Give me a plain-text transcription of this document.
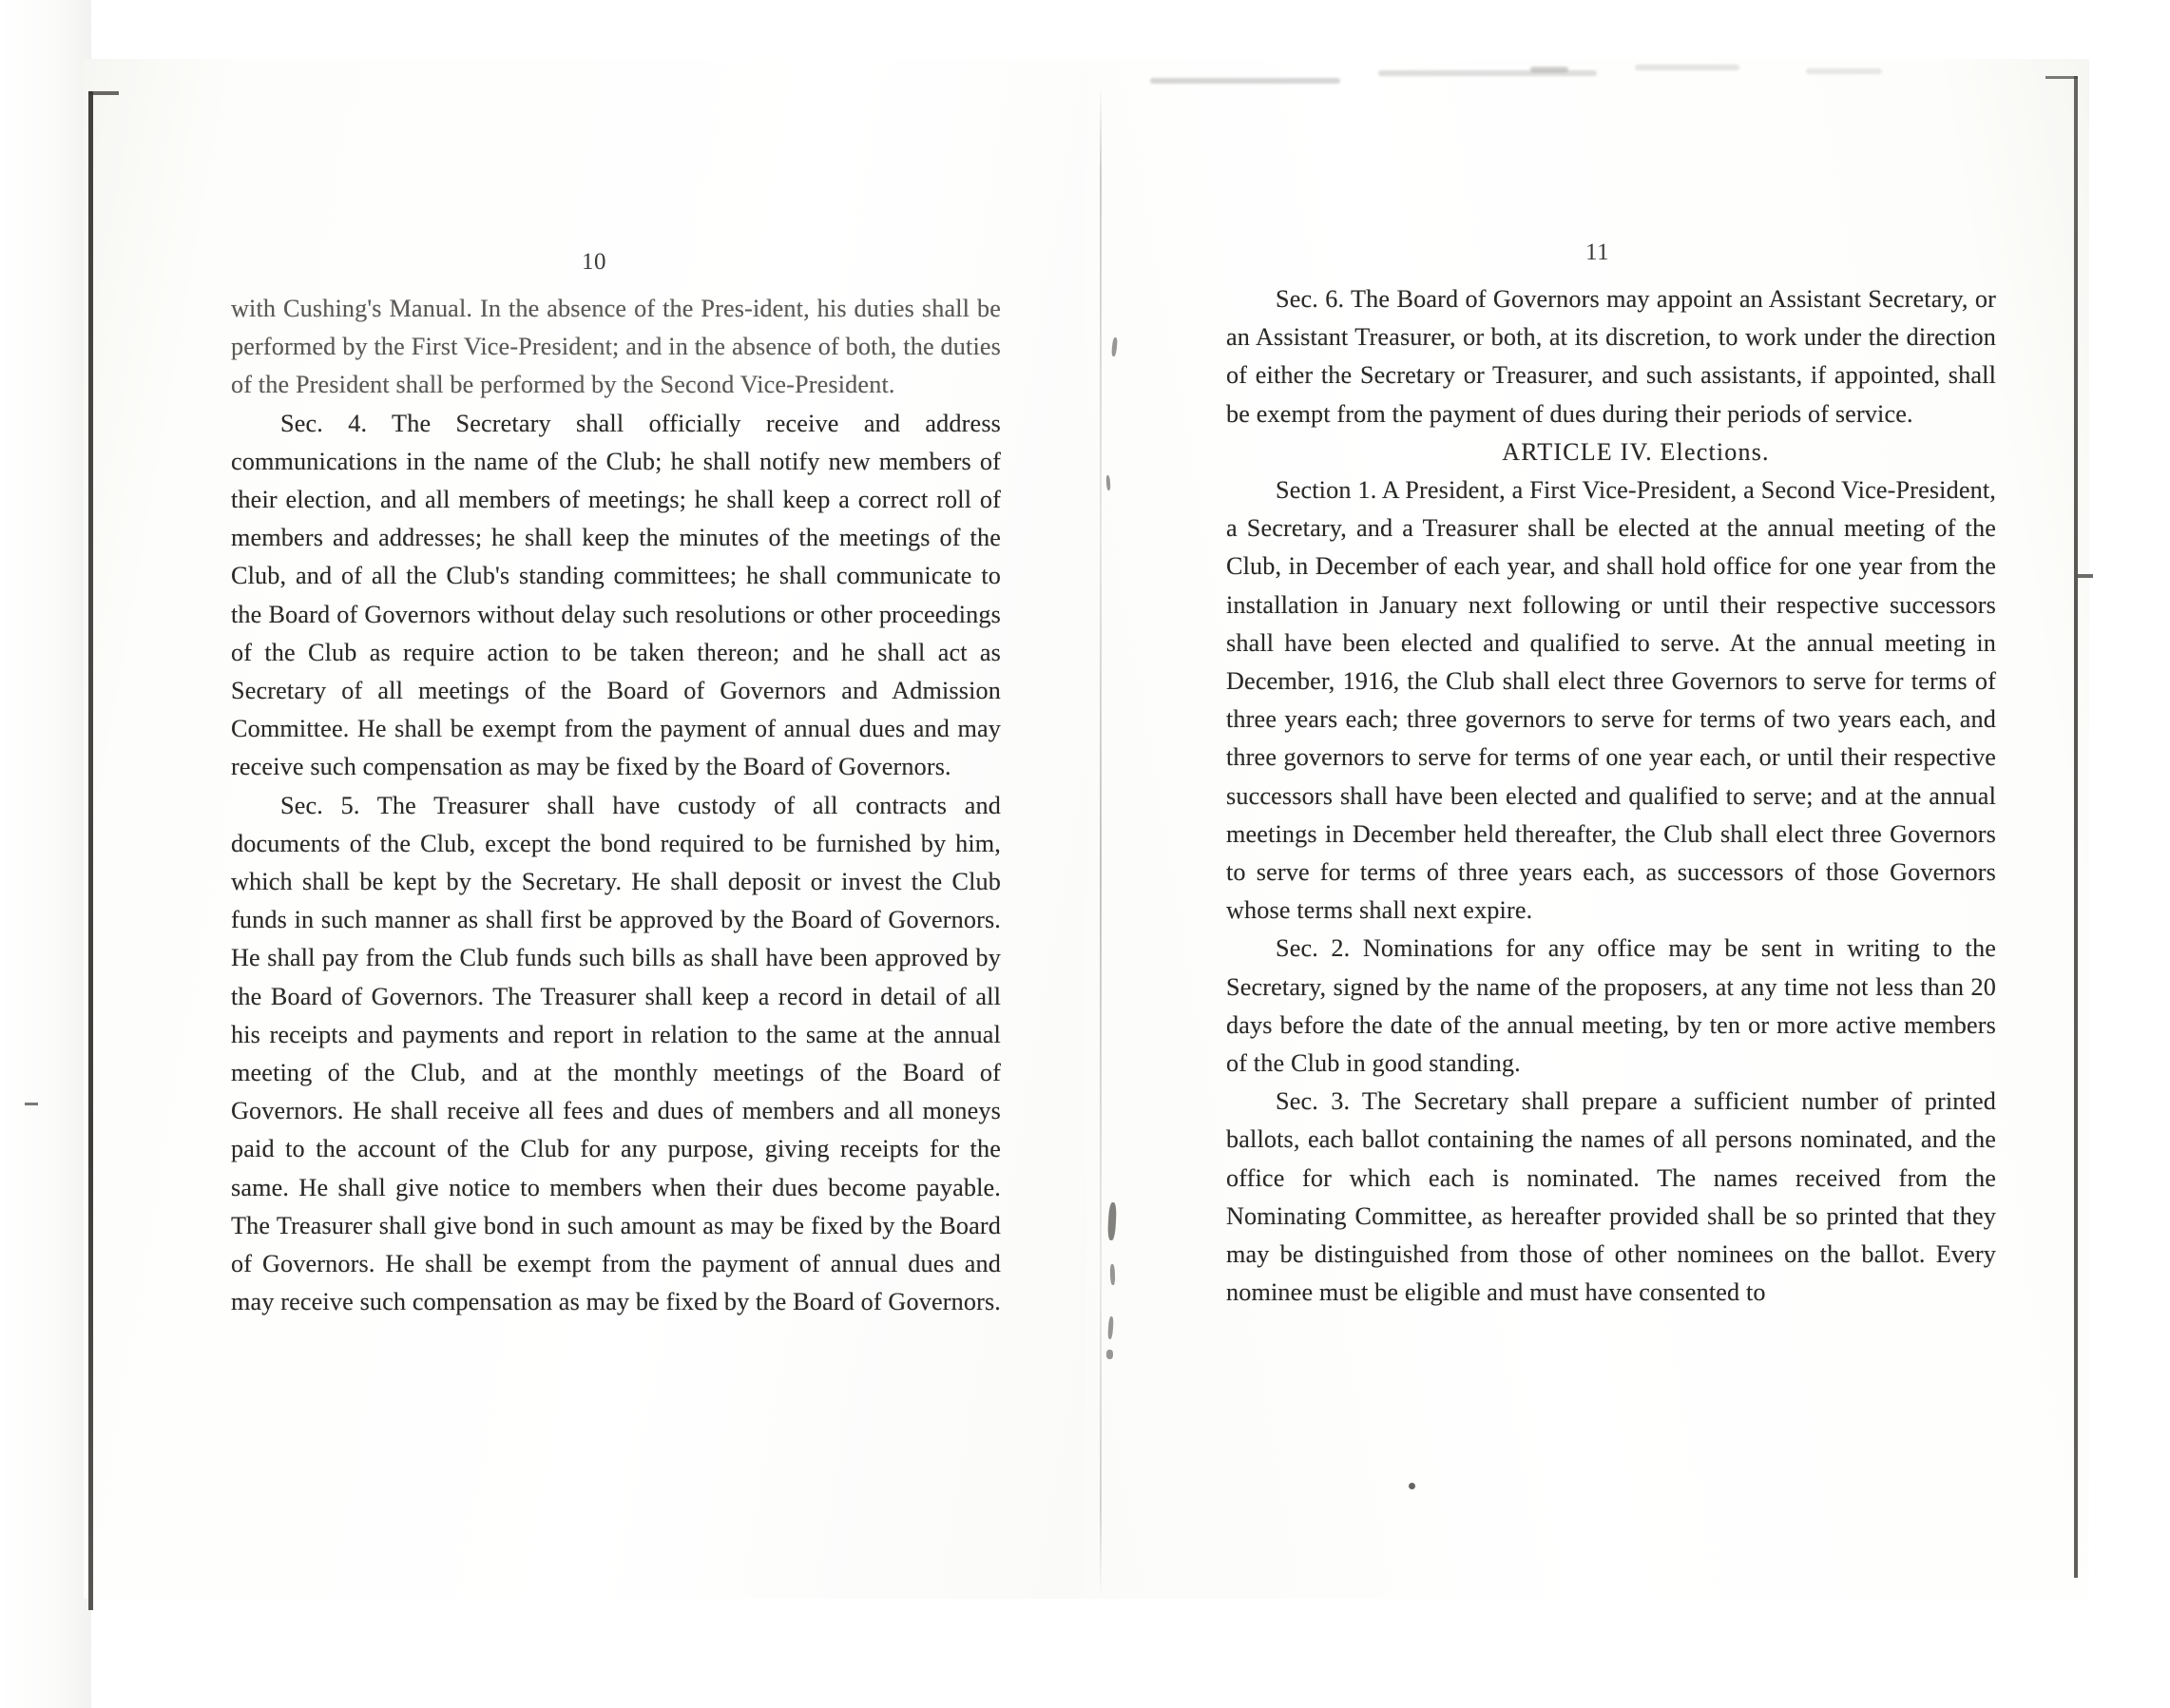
10

with Cushing's Manual. In the absence of the Pres-ident, his duties shall be performed by the First Vice-President; and in the absence of both, the duties of the President shall be performed by the Second Vice-President.

Sec. 4. The Secretary shall officially receive and address communications in the name of the Club; he shall notify new members of their election, and all members of meetings; he shall keep a correct roll of members and addresses; he shall keep the minutes of the meetings of the Club, and of all the Club's standing committees; he shall communicate to the Board of Governors without delay such resolutions or other proceedings of the Club as require action to be taken thereon; and he shall act as Secretary of all meetings of the Board of Governors and Admission Committee. He shall be exempt from the payment of annual dues and may receive such compensation as may be fixed by the Board of Governors.

Sec. 5. The Treasurer shall have custody of all contracts and documents of the Club, except the bond required to be furnished by him, which shall be kept by the Secretary. He shall deposit or invest the Club funds in such manner as shall first be approved by the Board of Governors. He shall pay from the Club funds such bills as shall have been approved by the Board of Governors. The Treasurer shall keep a record in detail of all his receipts and payments and report in relation to the same at the annual meeting of the Club, and at the monthly meetings of the Board of Governors. He shall receive all fees and dues of members and all moneys paid to the account of the Club for any purpose, giving receipts for the same. He shall give notice to members when their dues become payable. The Treasurer shall give bond in such amount as may be fixed by the Board of Governors. He shall be exempt from the payment of annual dues and may receive such compensation as may be fixed by the Board of Governors.

11

Sec. 6. The Board of Governors may appoint an Assistant Secretary, or an Assistant Treasurer, or both, at its discretion, to work under the direction of either the Secretary or Treasurer, and such assistants, if appointed, shall be exempt from the payment of dues during their periods of service.

ARTICLE IV. Elections.

Section 1. A President, a First Vice-President, a Second Vice-President, a Secretary, and a Treasurer shall be elected at the annual meeting of the Club, in December of each year, and shall hold office for one year from the installation in January next following or until their respective successors shall have been elected and qualified to serve. At the annual meeting in December, 1916, the Club shall elect three Governors to serve for terms of three years each; three governors to serve for terms of two years each, and three governors to serve for terms of one year each, or until their respective successors shall have been elected and qualified to serve; and at the annual meetings in December held thereafter, the Club shall elect three Governors to serve for terms of three years each, as successors of those Governors whose terms shall next expire.

Sec. 2. Nominations for any office may be sent in writing to the Secretary, signed by the name of the proposers, at any time not less than 20 days before the date of the annual meeting, by ten or more active members of the Club in good standing.

Sec. 3. The Secretary shall prepare a sufficient number of printed ballots, each ballot containing the names of all persons nominated, and the office for which each is nominated. The names received from the Nominating Committee, as hereafter provided shall be so printed that they may be distinguished from those of other nominees on the ballot. Every nominee must be eligible and must have consented to
